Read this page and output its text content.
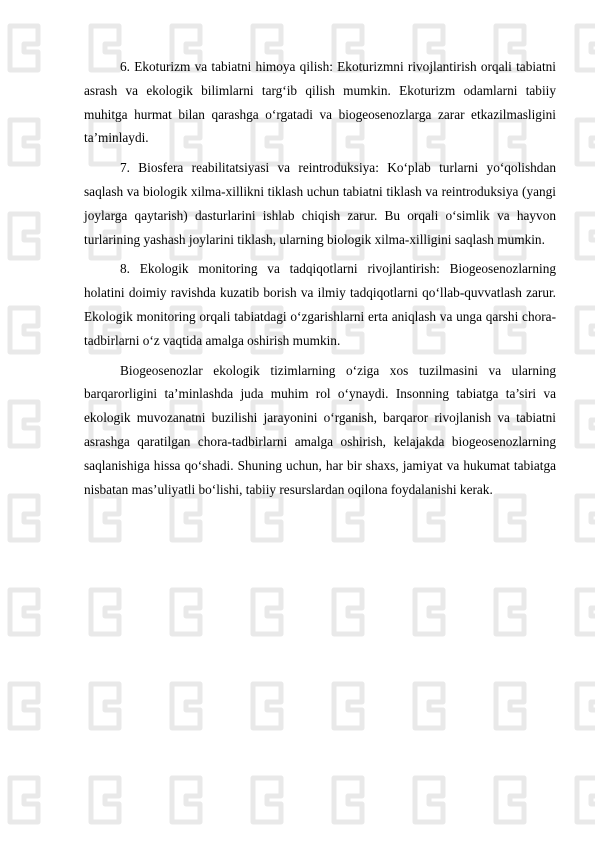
6. Ekoturizm va tabiatni himoya qilish: Ekoturizmni rivojlantirish orqali tabiatni asrash va ekologik bilimlarni targ‘ib qilish mumkin. Ekoturizm odamlarni tabiiy muhitga hurmat bilan qarashga o‘rgatadi va biogeosenozlarga zarar etkazilmasligini ta’minlaydi.

7. Biosfera reabilitatsiyasi va reintroduksiya: Ko‘plab turlarni yo‘qolishdan saqlash va biologik xilma-xillikni tiklash uchun tabiatni tiklash va reintroduksiya (yangi joylarga qaytarish) dasturlarini ishlab chiqish zarur. Bu orqali o‘simlik va hayvon turlarining yashash joylarini tiklash, ularning biologik xilma-xilligini saqlash mumkin.

8. Ekologik monitoring va tadqiqotlarni rivojlantirish: Biogeosenozlarning holatini doimiy ravishda kuzatib borish va ilmiy tadqiqotlarni qo‘llab-quvvatlash zarur. Ekologik monitoring orqali tabiatdagi o‘zgarishlarni erta aniqlash va unga qarshi chora-tadbirlarni o‘z vaqtida amalga oshirish mumkin.

Biogeosenozlar ekologik tizimlarning o‘ziga xos tuzilmasini va ularning barqarorligini ta’minlashda juda muhim rol o‘ynaydi. Insonning tabiatga ta’siri va ekologik muvozanatni buzilishi jarayonini o‘rganish, barqaror rivojlanish va tabiatni asrashga qaratilgan chora-tadbirlarni amalga oshirish, kelajakda biogeosenozlarning saqlanishiga hissa qo‘shadi. Shuning uchun, har bir shaxs, jamiyat va hukumat tabiatga nisbatan mas’uliyatli bo‘lishi, tabiiy resurslardan oqilona foydalanishi kerak.
